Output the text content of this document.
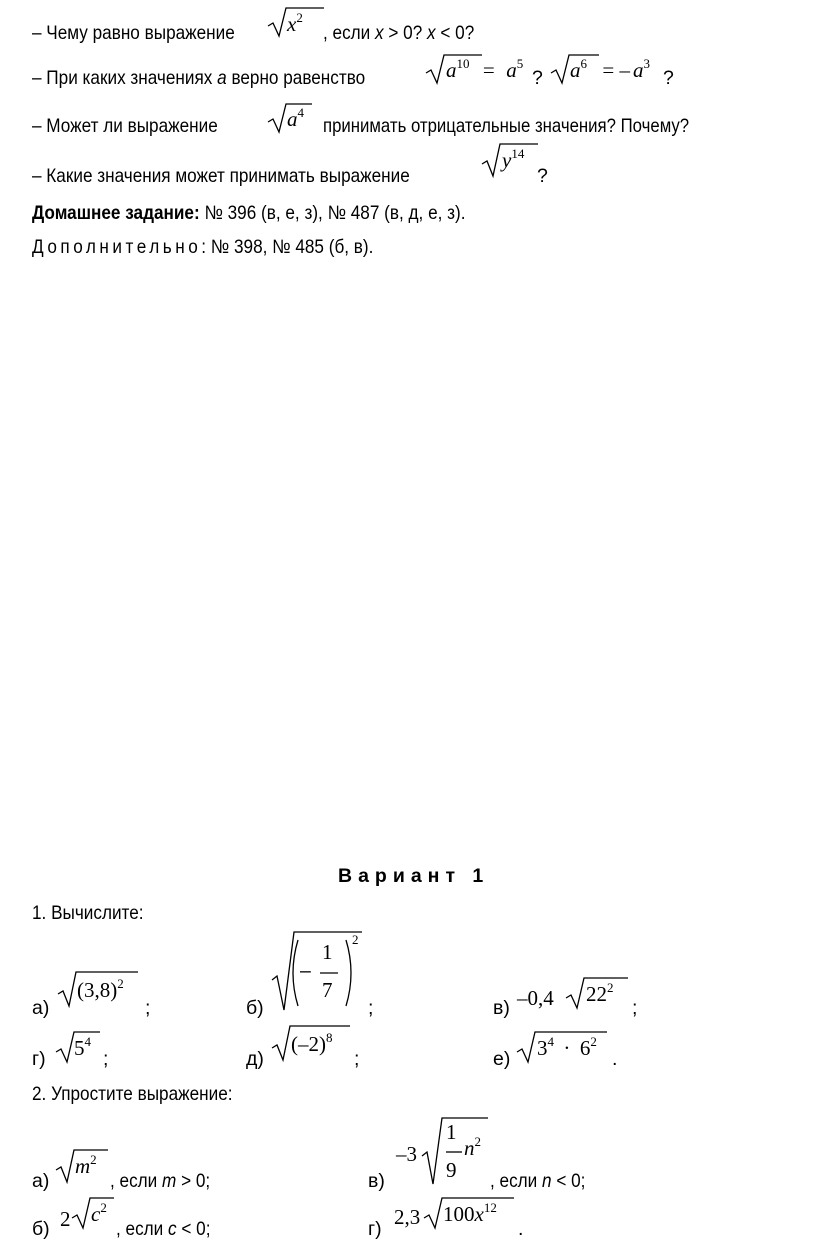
– Чему равно выражение	$x^2$
, если x > 0? x < 0?
– При каких значениях a верно равенство	$a^{10} = a^5$
? $a^6$ = – $a^3$
?
– Может ли выражение	$a^4$
принимать отрицательные значения? Почему?
– Какие значения может принимать выражение
$y^{14}$
?
Домашнее задание: № 396 (в, е, з), № 487 (в, д, е, з).
Дополнительно: № 398, № 485 (б, в).
Вариант 1
1. Вычислите:
а)
$(3,8)^2$
;	б)
–
1
7
2
;	в) –0,4 $22^2$
;
г) $5^4$
;	д)
$(-2)^8$
;	е) $3^4 \cdot 6^2$
.
2. Упростите выражение:
а)
$m^2$
, если m > 0;	в)
–3
1
9
$n^2$
, если n < 0;
б) 2 $c^2$
, если c < 0;	г) 2,3 $100x^{12}$
.
